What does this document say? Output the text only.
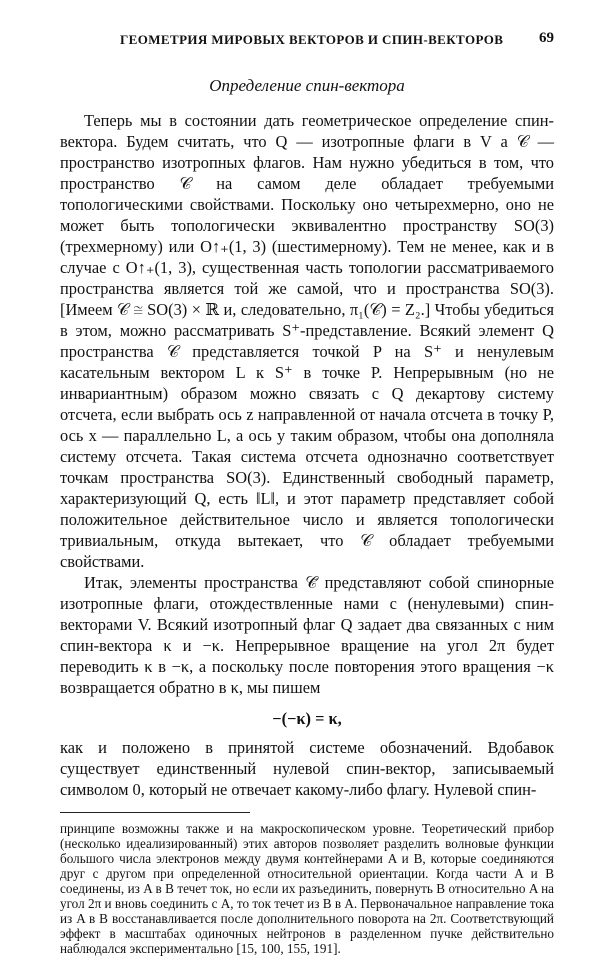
ГЕОМЕТРИЯ МИРОВЫХ ВЕКТОРОВ И СПИН-ВЕКТОРОВ 69
Определение спин-вектора

Теперь мы в состоянии дать геометрическое определение спин-вектора. Будем считать, что Q — изотропные флаги в V а 𝒞 — пространство изотропных флагов. Нам нужно убедиться в том, что пространство 𝒞 на самом деле обладает требуемыми топологическими свойствами. Поскольку оно четырехмерно, оно не может быть топологически эквивалентно пространству SO(3) (трехмерному) или O↑₊(1, 3) (шестимерному). Тем не менее, как и в случае с O↑₊(1, 3), существенная часть топологии рассматриваемого пространства является той же самой, что и пространства SO(3). [Имеем 𝒞 ≅ SO(3) × ℝ и, следовательно, π₁(𝒞) = Z₂.] Чтобы убедиться в этом, можно рассматривать S⁺-представление. Всякий элемент Q пространства 𝒞 представляется точкой P на S⁺ и ненулевым касательным вектором L к S⁺ в точке P. Непрерывным (но не инвариантным) образом можно связать с Q декартову систему отсчета, если выбрать ось z направленной от начала отсчета в точку P, ось x — параллельно L, а ось y таким образом, чтобы она дополняла систему отсчета. Такая система отсчета однозначно соответствует точкам пространства SO(3). Единственный свободный параметр, характеризующий Q, есть ‖L‖, и этот параметр представляет собой положительное действительное число и является топологически тривиальным, откуда вытекает, что 𝒞 обладает требуемыми свойствами.

Итак, элементы пространства 𝒞̃ представляют собой спинорные изотропные флаги, отождествленные нами с (ненулевыми) спин-векторами V. Всякий изотропный флаг Q задает два связанных с ним спин-вектора κ и −κ. Непрерывное вращение на угол 2π будет переводить κ в −κ, а поскольку после повторения этого вращения −κ возвращается обратно в κ, мы пишем

−(−κ) = κ,

как и положено в принятой системе обозначений. Вдобавок существует единственный нулевой спин-вектор, записываемый символом 0, который не отвечает какому-либо флагу. Нулевой спин-

принципе возможны также и на макроскопическом уровне. Теоретический прибор (несколько идеализированный) этих авторов позволяет разделить волновые функции большого числа электронов между двумя контейнерами A и B, которые соединяются друг с другом при определенной относительной ориентации. Когда части A и B соединены, из A в B течет ток, но если их разъединить, повернуть B относительно A на угол 2π и вновь соединить с A, то ток течет из B в A. Первоначальное направление тока из A в B восстанавливается после дополнительного поворота на 2π. Соответствующий эффект в масштабах одиночных нейтронов в разделенном пучке действительно наблюдался экспериментально [15, 100, 155, 191].
